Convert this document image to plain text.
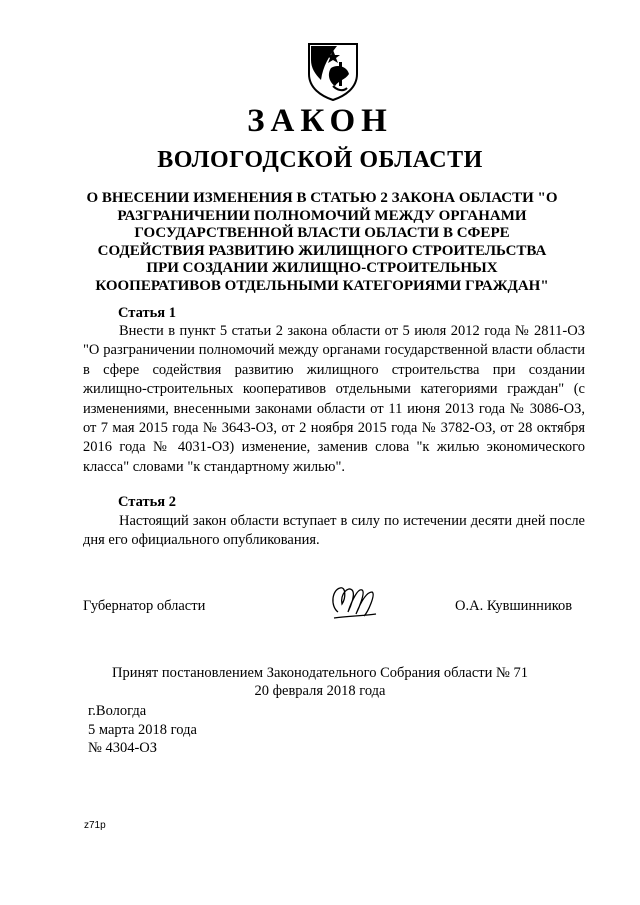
ЗАКОН
ВОЛОГОДСКОЙ ОБЛАСТИ
О ВНЕСЕНИИ ИЗМЕНЕНИЯ В СТАТЬЮ 2 ЗАКОНА ОБЛАСТИ "О РАЗГРАНИЧЕНИИ ПОЛНОМОЧИЙ МЕЖДУ ОРГАНАМИ ГОСУДАРСТВЕННОЙ ВЛАСТИ ОБЛАСТИ В СФЕРЕ СОДЕЙСТВИЯ РАЗВИТИЮ ЖИЛИЩНОГО СТРОИТЕЛЬСТВА ПРИ СОЗДАНИИ ЖИЛИЩНО-СТРОИТЕЛЬНЫХ КООПЕРАТИВОВ ОТДЕЛЬНЫМИ КАТЕГОРИЯМИ ГРАЖДАН"
Статья 1
Внести в пункт 5 статьи 2 закона области от 5 июля 2012 года № 2811-ОЗ "О разграничении полномочий между органами государственной власти области в сфере содействия развитию жилищного строительства при создании жилищно-строительных кооперативов отдельными категориями граждан" (с изменениями, внесенными законами области от 11 июня 2013 года № 3086-ОЗ, от 7 мая 2015 года № 3643-ОЗ, от 2 ноября 2015 года № 3782-ОЗ, от 28 октября 2016 года № 4031-ОЗ) изменение, заменив слова "к жилью экономического класса" словами "к стандартному жилью".
Статья 2
Настоящий закон области вступает в силу по истечении десяти дней после дня его официального опубликования.
Губернатор области	О.А. Кувшинников
Принят постановлением Законодательного Собрания области № 71
20 февраля 2018 года
г.Вологда
5 марта 2018 года
№ 4304-ОЗ
z71р
